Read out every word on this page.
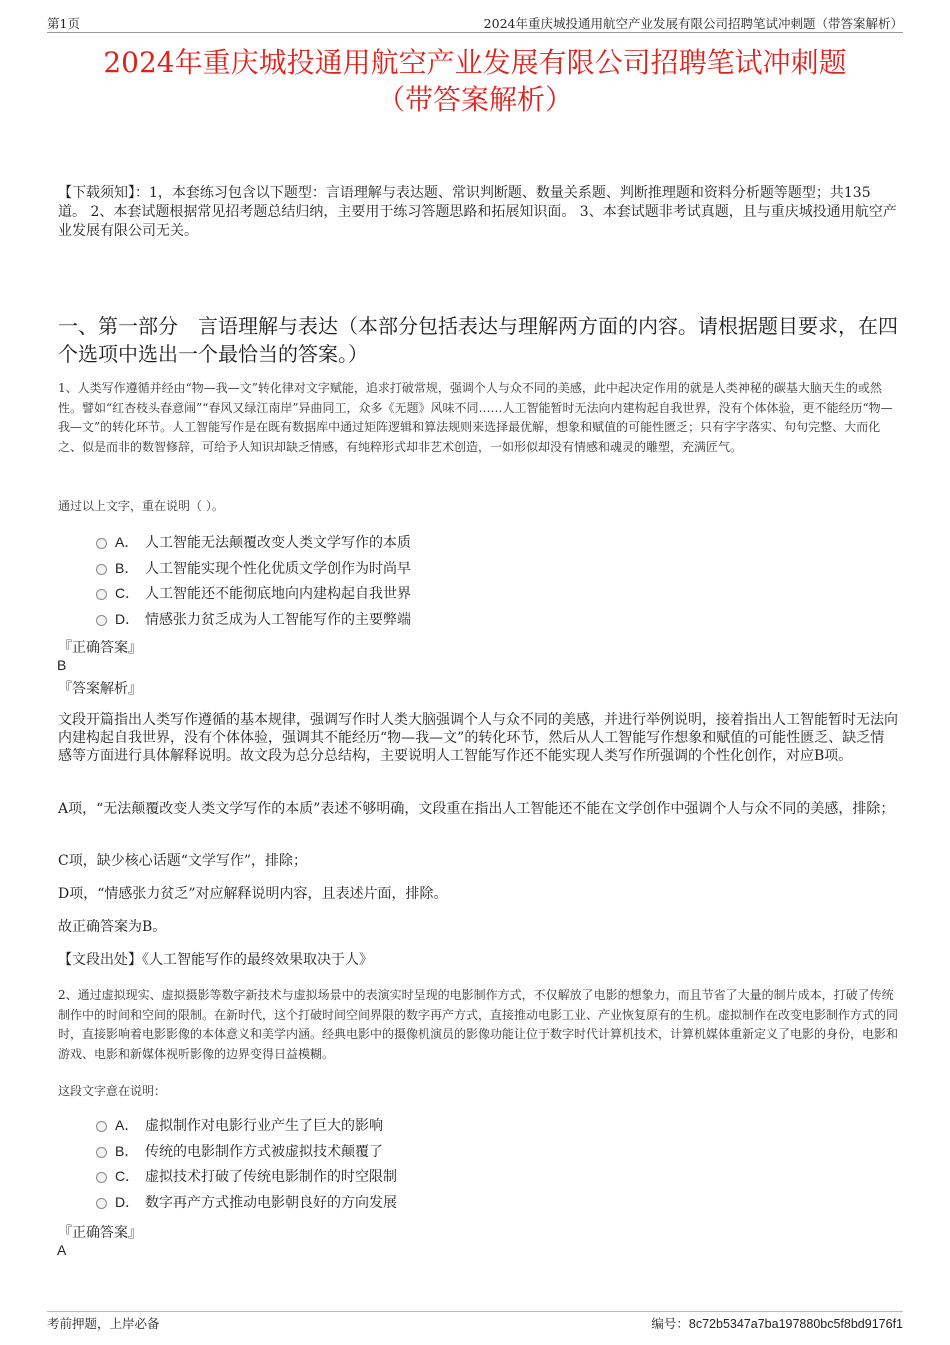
第1页	2024年重庆城投通用航空产业发展有限公司招聘笔试冲刺题（带答案解析）
2024年重庆城投通用航空产业发展有限公司招聘笔试冲刺题
（带答案解析）
【下载须知】：1，本套练习包含以下题型：言语理解与表达题、常识判断题、数量关系题、判断推理题和资料分析题等题型；共135道。 2、本套试题根据常见招考题总结归纳，主要用于练习答题思路和拓展知识面。 3、本套试题非考试真题，且与重庆城投通用航空产业发展有限公司无关。
一、第一部分　言语理解与表达（本部分包括表达与理解两方面的内容。请根据题目要求，在四个选项中选出一个最恰当的答案。）
1、人类写作遵循并经由“物—我—文”转化律对文字赋能，追求打破常规，强调个人与众不同的美感，此中起决定作用的就是人类神秘的碳基大脑天生的或然性。譬如“红杏枝头春意闹”“春风又绿江南岸”异曲同工，众多《无题》风味不同……人工智能暂时无法向内建构起自我世界，没有个体体验，更不能经历“物—我—文”的转化环节。人工智能写作是在既有数据库中通过矩阵逻辑和算法规则来选择最优解，想象和赋值的可能性匮乏；只有字字落实、句句完整、大而化之、似是而非的数智修辞，可给予人知识却缺乏情感，有纯粹形式却非艺术创造，一如形似却没有情感和魂灵的雕塑，充满匠气。
通过以上文字，重在说明（ ）。
A． 人工智能无法颠覆改变人类文学写作的本质
B． 人工智能实现个性化优质文学创作为时尚早
C． 人工智能还不能彻底地向内建构起自我世界
D． 情感张力贫乏成为人工智能写作的主要弊端
『正确答案』
B
『答案解析』
文段开篇指出人类写作遵循的基本规律，强调写作时人类大脑强调个人与众不同的美感，并进行举例说明，接着指出人工智能暂时无法向内建构起自我世界，没有个体体验，强调其不能经历“物—我—文”的转化环节，然后从人工智能写作想象和赋值的可能性匮乏、缺乏情感等方面进行具体解释说明。故文段为总分总结构，主要说明人工智能写作还不能实现人类写作所强调的个性化创作，对应B项。
A项，“无法颠覆改变人类文学写作的本质”表述不够明确，文段重在指出人工智能还不能在文学创作中强调个人与众不同的美感，排除；
C项，缺少核心话题“文学写作”，排除；
D项，“情感张力贫乏”对应解释说明内容，且表述片面，排除。
故正确答案为B。
【文段出处】《人工智能写作的最终效果取决于人》
2、通过虚拟现实、虚拟摄影等数字新技术与虚拟场景中的表演实时呈现的电影制作方式，不仅解放了电影的想象力，而且节省了大量的制片成本，打破了传统制作中的时间和空间的限制。在新时代，这个打破时间空间界限的数字再产方式，直接推动电影工业、产业恢复原有的生机。虚拟制作在改变电影制作方式的同时，直接影响着电影影像的本体意义和美学内涵。经典电影中的摄像机演员的影像功能让位于数字时代计算机技术，计算机媒体重新定义了电影的身份，电影和游戏、电影和新媒体视听影像的边界变得日益模糊。
这段文字意在说明：
A． 虚拟制作对电影行业产生了巨大的影响
B． 传统的电影制作方式被虚拟技术颠覆了
C． 虚拟技术打破了传统电影制作的时空限制
D． 数字再产方式推动电影朝良好的方向发展
『正确答案』
A
考前押题，上岸必备	编号：8c72b5347a7ba197880bc5f8bd9176f1
